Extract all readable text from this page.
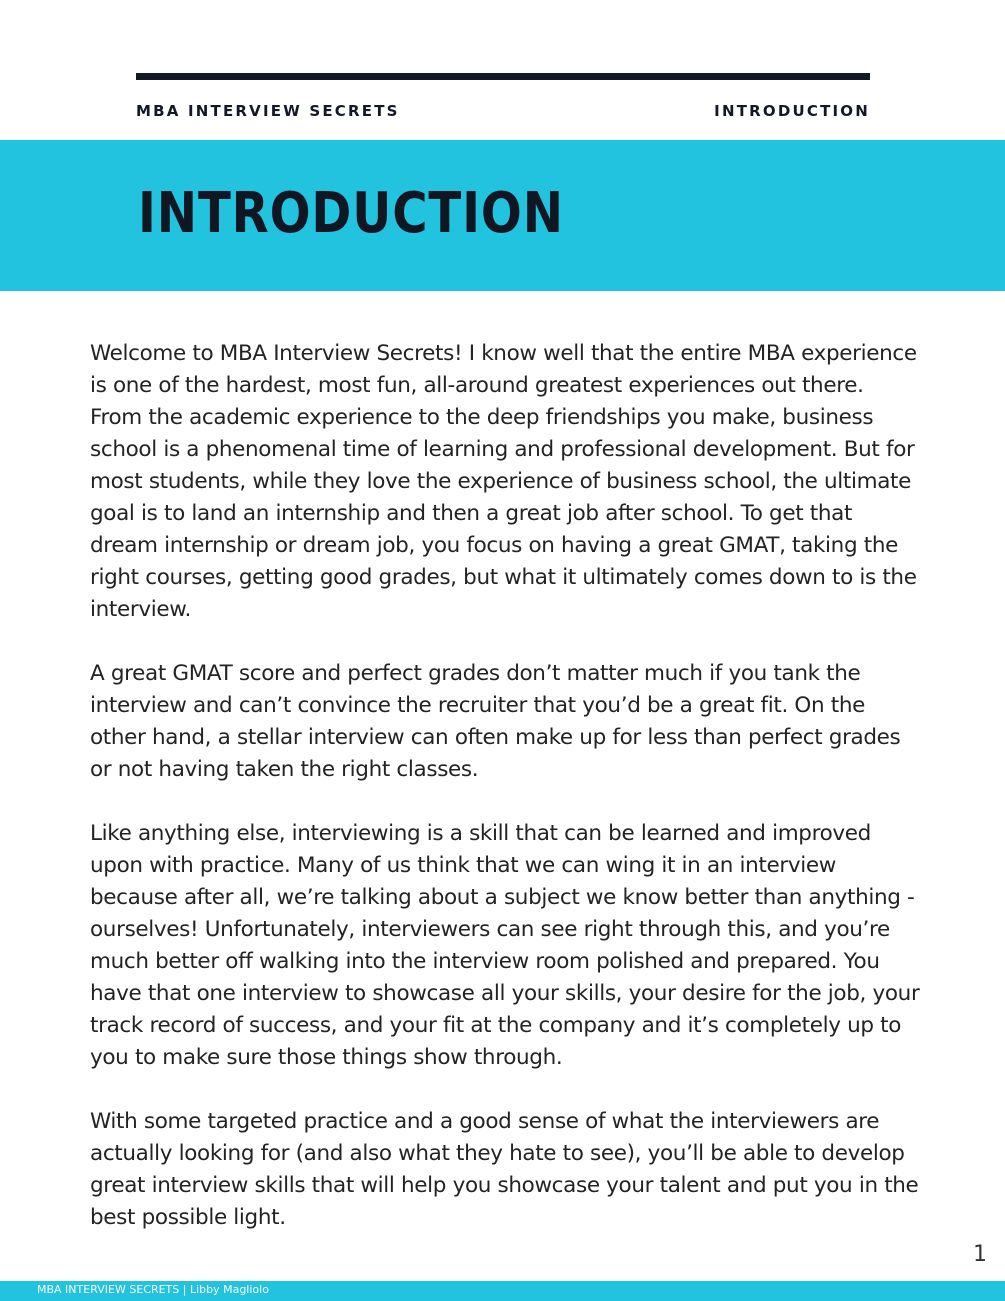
MBA INTERVIEW SECRETS	INTRODUCTION
INTRODUCTION

Welcome to MBA Interview Secrets! I know well that the entire MBA experience is one of the hardest, most fun, all-around greatest experiences out there. From the academic experience to the deep friendships you make, business school is a phenomenal time of learning and professional development. But for most students, while they love the experience of business school, the ultimate goal is to land an internship and then a great job after school. To get that dream internship or dream job, you focus on having a great GMAT, taking the right courses, getting good grades, but what it ultimately comes down to is the interview.

A great GMAT score and perfect grades don’t matter much if you tank the interview and can’t convince the recruiter that you’d be a great fit. On the other hand, a stellar interview can often make up for less than perfect grades or not having taken the right classes.

Like anything else, interviewing is a skill that can be learned and improved upon with practice. Many of us think that we can wing it in an interview because after all, we’re talking about a subject we know better than anything - ourselves! Unfortunately, interviewers can see right through this, and you’re much better off walking into the interview room polished and prepared. You have that one interview to showcase all your skills, your desire for the job, your track record of success, and your fit at the company and it’s completely up to you to make sure those things show through.

With some targeted practice and a good sense of what the interviewers are actually looking for (and also what they hate to see), you’ll be able to develop great interview skills that will help you showcase your talent and put you in the best possible light.

1
MBA INTERVIEW SECRETS | Libby Magliolo
